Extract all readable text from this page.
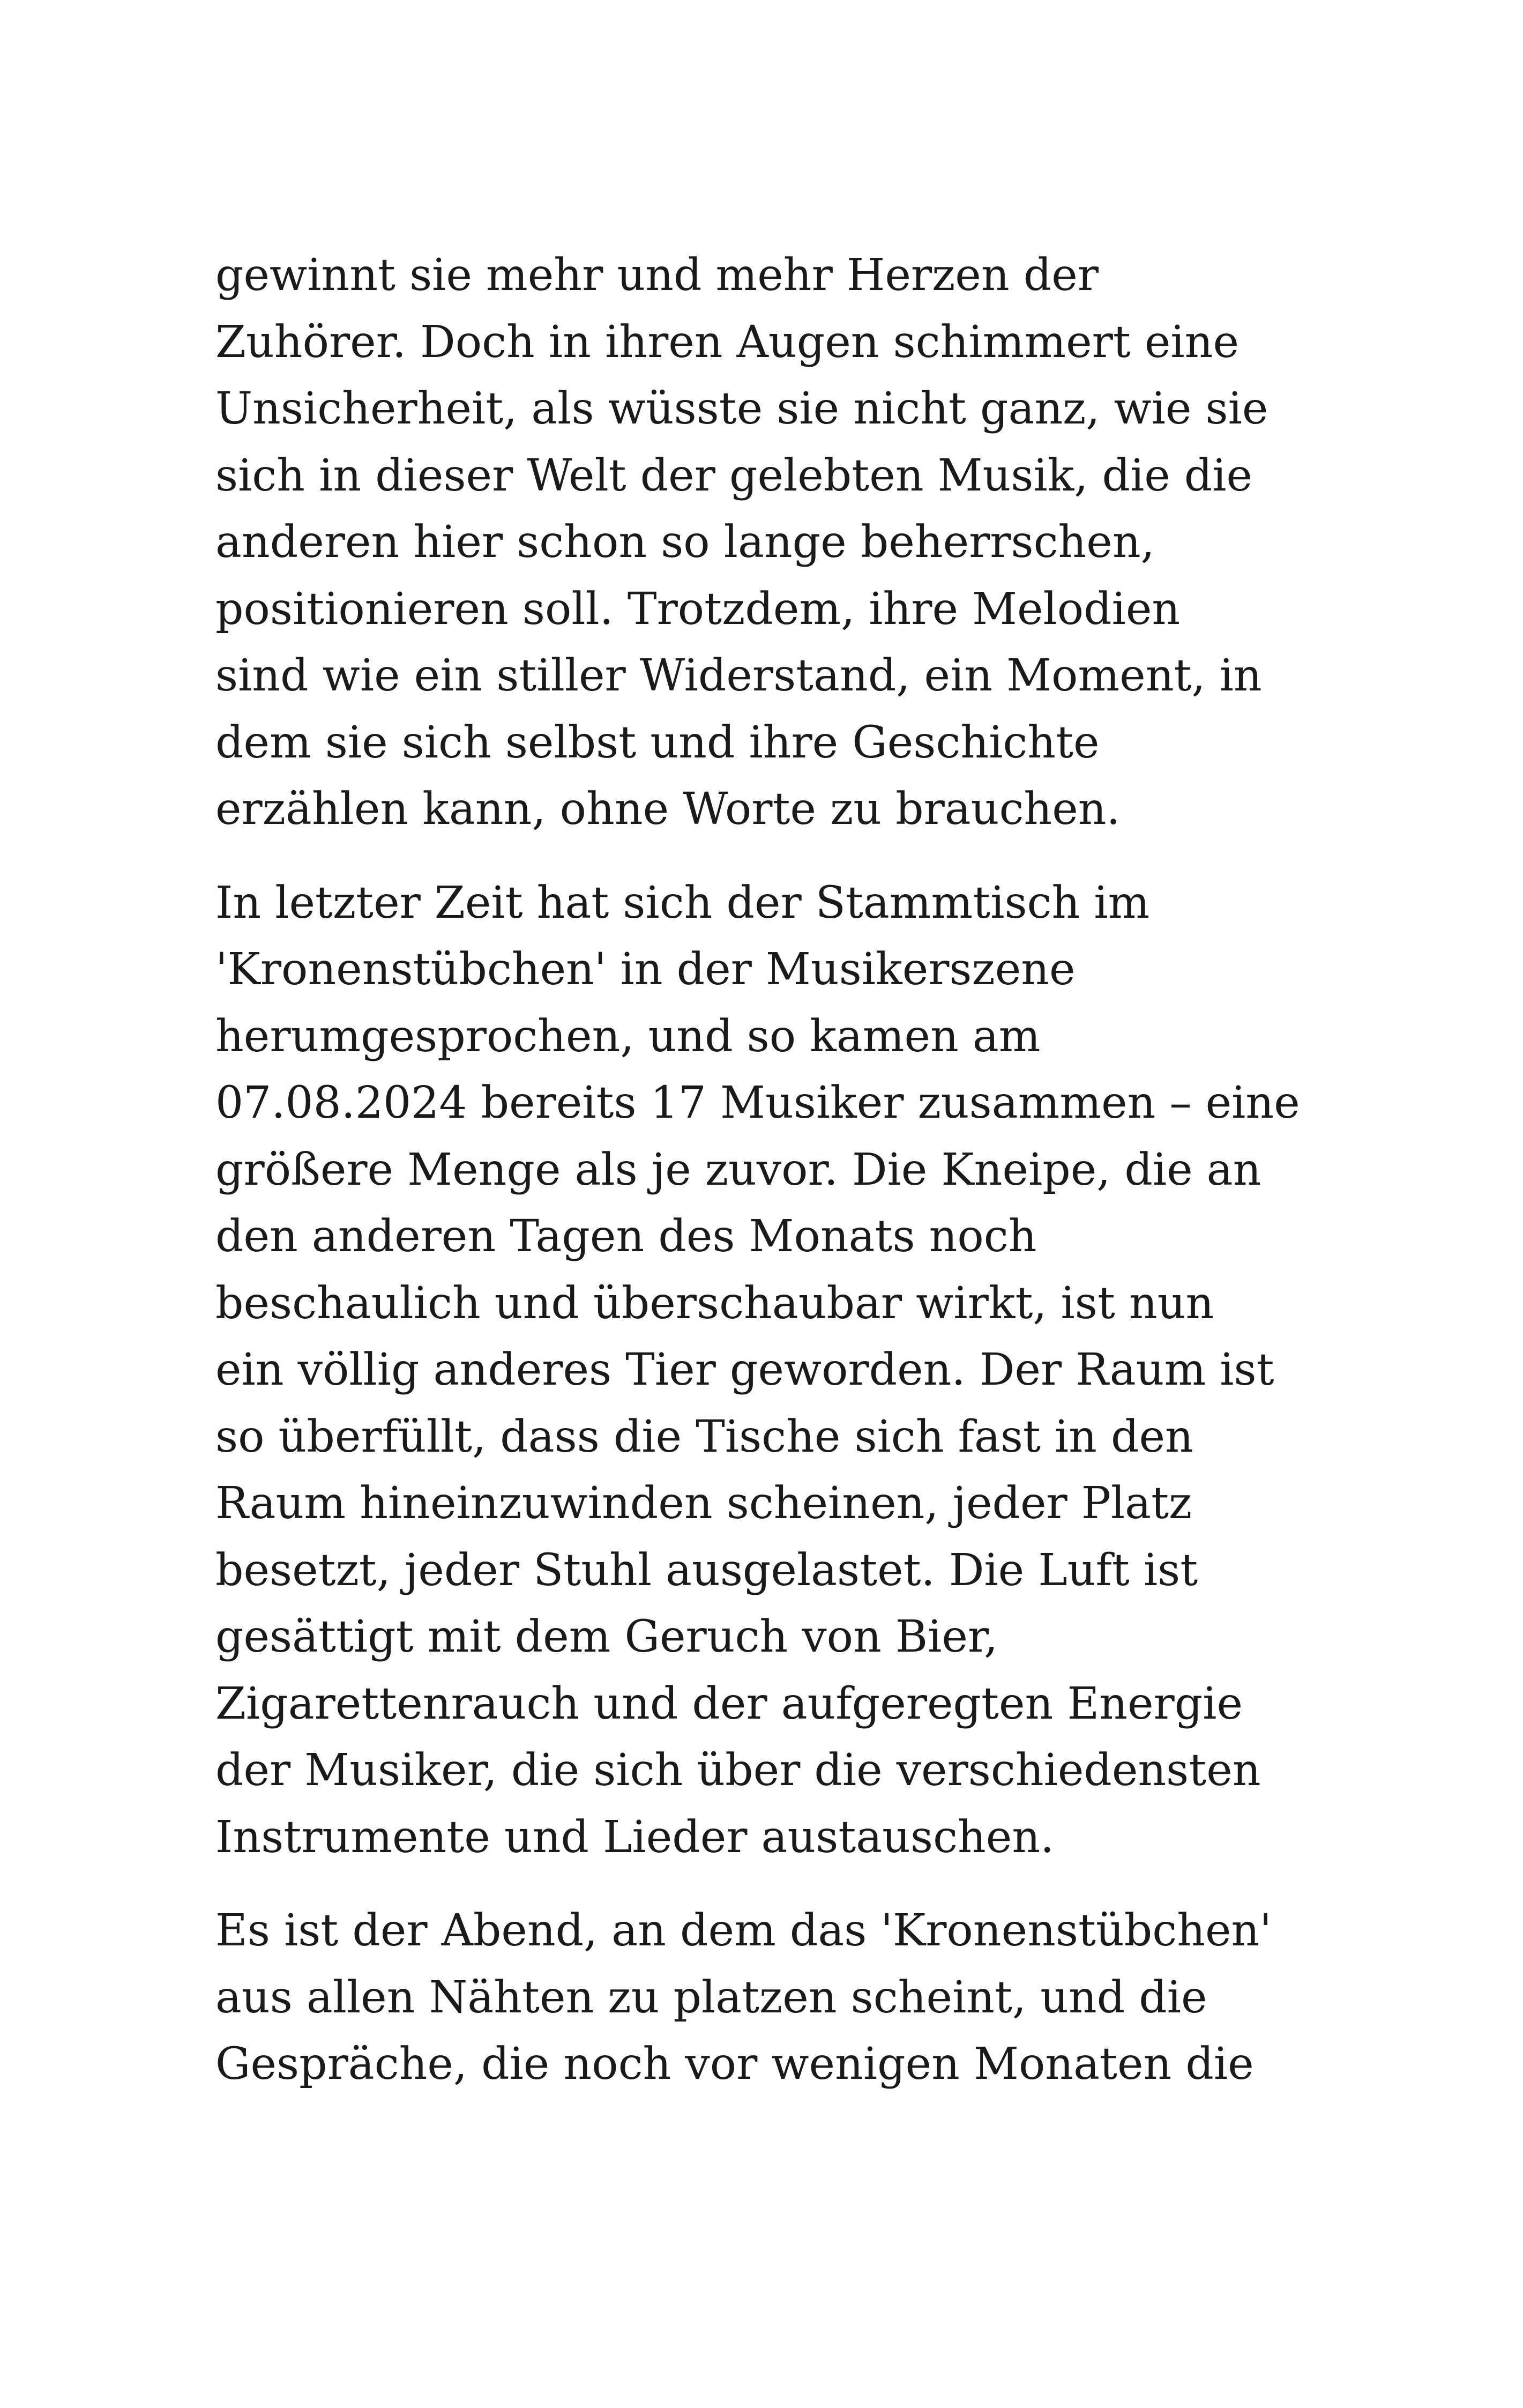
gewinnt sie mehr und mehr Herzen der
Zuhörer. Doch in ihren Augen schimmert eine
Unsicherheit, als wüsste sie nicht ganz, wie sie
sich in dieser Welt der gelebten Musik, die die
anderen hier schon so lange beherrschen,
positionieren soll. Trotzdem, ihre Melodien
sind wie ein stiller Widerstand, ein Moment, in
dem sie sich selbst und ihre Geschichte
erzählen kann, ohne Worte zu brauchen.

In letzter Zeit hat sich der Stammtisch im
'Kronenstübchen' in der Musikerszene
herumgesprochen, und so kamen am
07.08.2024 bereits 17 Musiker zusammen – eine
größere Menge als je zuvor. Die Kneipe, die an
den anderen Tagen des Monats noch
beschaulich und überschaubar wirkt, ist nun
ein völlig anderes Tier geworden. Der Raum ist
so überfüllt, dass die Tische sich fast in den
Raum hineinzuwinden scheinen, jeder Platz
besetzt, jeder Stuhl ausgelastet. Die Luft ist
gesättigt mit dem Geruch von Bier,
Zigarettenrauch und der aufgeregten Energie
der Musiker, die sich über die verschiedensten
Instrumente und Lieder austauschen.

Es ist der Abend, an dem das 'Kronenstübchen'
aus allen Nähten zu platzen scheint, und die
Gespräche, die noch vor wenigen Monaten die
